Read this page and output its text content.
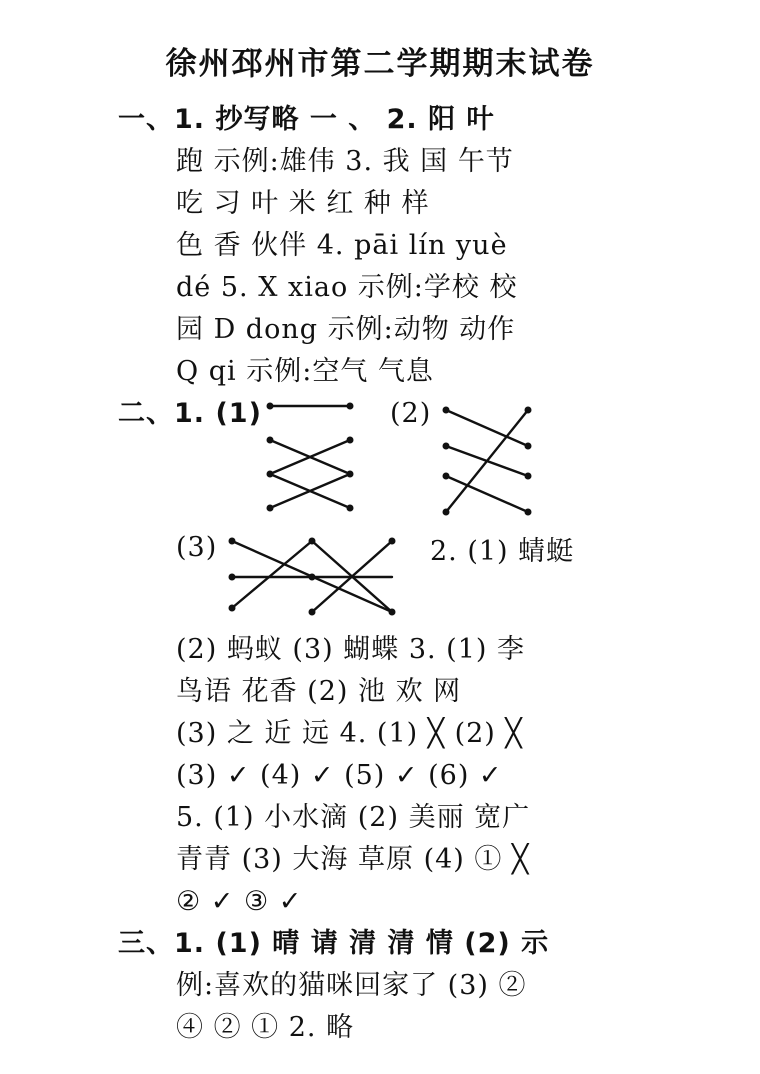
徐州邳州市第二学期期末试卷
一、1. 抄写略 一 、 2. 阳 叶
跑 示例:雄伟 3. 我 国 午节
吃 习 叶 米 红 种 样
色 香 伙伴 4. pāi lín yuè
dé 5. X xiao 示例:学校 校
园 D dong 示例:动物 动作
Q qi 示例:空气 气息
二、1. (1)	(2)
(3)	2. (1) 蜻蜓
(2) 蚂蚁 (3) 蝴蝶 3. (1) 李
鸟语 花香 (2) 池 欢 网
(3) 之 近 远 4. (1) ╳ (2) ╳
(3) ✓ (4) ✓ (5) ✓ (6) ✓
5. (1) 小水滴 (2) 美丽 宽广
青青 (3) 大海 草原 (4) ① ╳
② ✓ ③ ✓
三、1. (1) 晴 请 清 清 情 (2) 示
例:喜欢的猫咪回家了 (3) ②
④ ② ① 2. 略
